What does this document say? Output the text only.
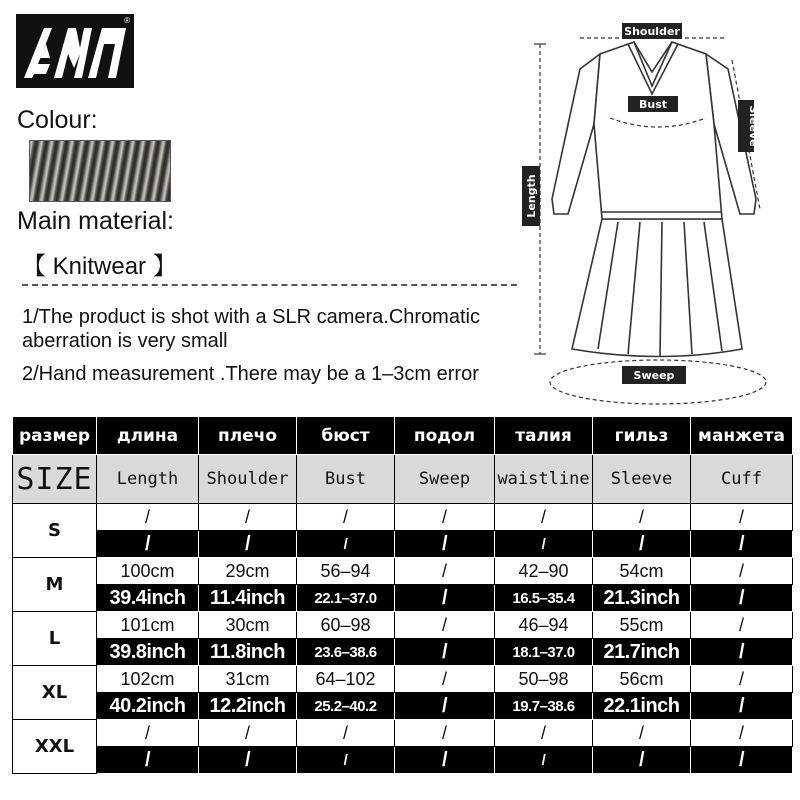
®
Colour:
Main material:
【 Knitwear 】
1/The product is shot with a SLR camera.Chromatic aberration is very small
2/Hand measurement .There may be a 1–3cm error
Shoulder
Bust
Sleeve
Length
Sweep
размер	длина	плечо	бюст	подол	талия	гильз	манжета
SIZE	Length	Shoulder	Bust	Sweep	waistline	Sleeve	Cuff
S	/	/	/	/	/	/	/
	/	/	/	/	/	/	/
M	100cm	29cm	56–94	/	42–90	54cm	/
	39.4inch	11.4inch	22.1–37.0	/	16.5–35.4	21.3inch	/
L	101cm	30cm	60–98	/	46–94	55cm	/
	39.8inch	11.8inch	23.6–38.6	/	18.1–37.0	21.7inch	/
XL	102cm	31cm	64–102	/	50–98	56cm	/
	40.2inch	12.2inch	25.2–40.2	/	19.7–38.6	22.1inch	/
XXL	/	/	/	/	/	/	/
	/	/	/	/	/	/	/
